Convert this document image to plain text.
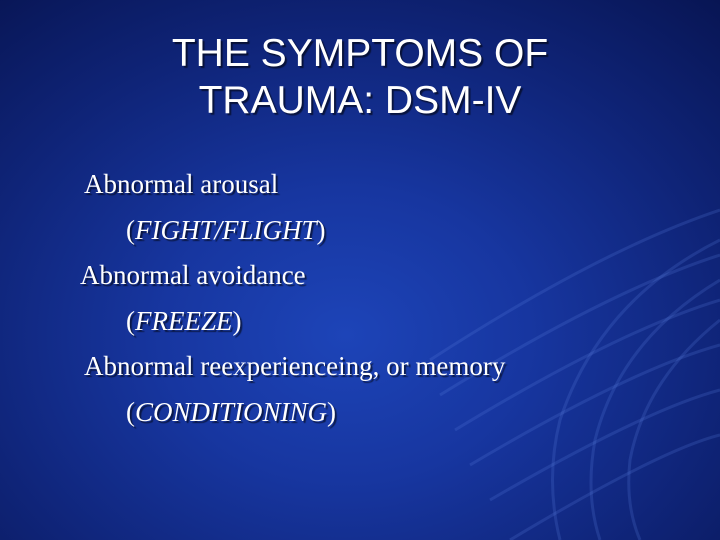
THE SYMPTOMS OF
TRAUMA: DSM-IV
Abnormal arousal
(FIGHT/FLIGHT)
Abnormal avoidance
(FREEZE)
Abnormal reexperienceing, or memory
(CONDITIONING)
